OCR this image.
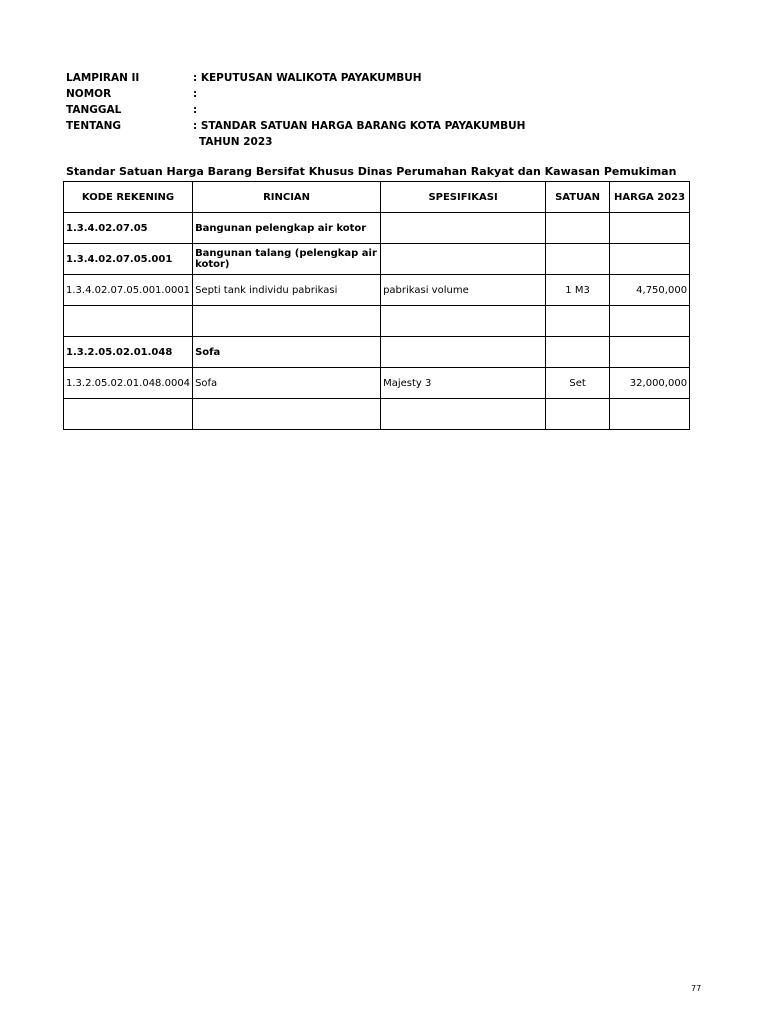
LAMPIRAN II	: KEPUTUSAN WALIKOTA PAYAKUMBUH
NOMOR	:
TANGGAL	:
TENTANG	: STANDAR SATUAN HARGA BARANG KOTA PAYAKUMBUH
TAHUN 2023
Standar Satuan Harga Barang Bersifat Khusus Dinas Perumahan Rakyat dan Kawasan Pemukiman
KODE REKENING	RINCIAN	SPESIFIKASI	SATUAN	HARGA 2023
1.3.4.02.07.05	Bangunan pelengkap air kotor			
1.3.4.02.07.05.001	Bangunan talang (pelengkap air kotor)			
1.3.4.02.07.05.001.0001	Septi tank individu pabrikasi	pabrikasi volume	1 M3	4,750,000

1.3.2.05.02.01.048	Sofa			
1.3.2.05.02.01.048.0004	Sofa	Majesty 3	Set	32,000,000

77
